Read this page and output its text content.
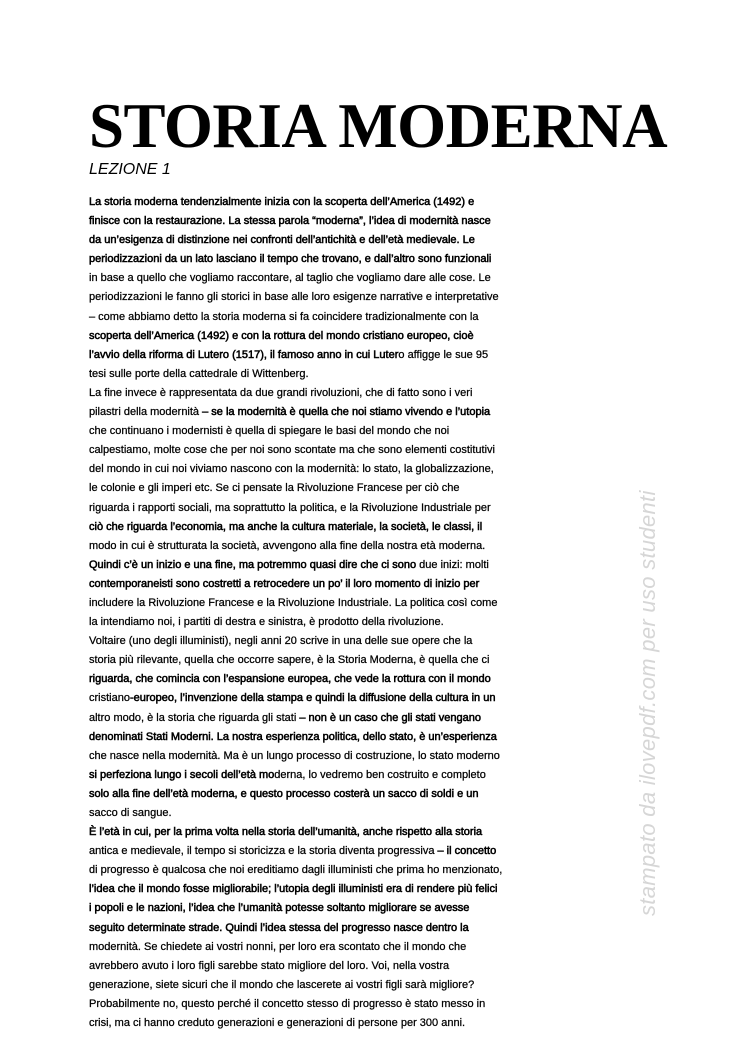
STORIA MODERNA
LEZIONE 1
La storia moderna tendenzialmente inizia con la scoperta dell’America (1492) e
finisce con la restaurazione. La stessa parola “moderna”, l’idea di modernità nasce
da un’esigenza di distinzione nei confronti dell’antichità e dell’età medievale. Le
periodizzazioni da un lato lasciano il tempo che trovano, e dall’altro sono funzionali
in base a quello che vogliamo raccontare, al taglio che vogliamo dare alle cose. Le
periodizzazioni le fanno gli storici in base alle loro esigenze narrative e interpretative
– come abbiamo detto la storia moderna si fa coincidere tradizionalmente con la
scoperta dell’America (1492) e con la rottura del mondo cristiano europeo, cioè
l’avvio della riforma di Lutero (1517), il famoso anno in cui Lutero affigge le sue 95
tesi sulle porte della cattedrale di Wittenberg.
La fine invece è rappresentata da due grandi rivoluzioni, che di fatto sono i veri
pilastri della modernità – se la modernità è quella che noi stiamo vivendo e l’utopia
che continuano i modernisti è quella di spiegare le basi del mondo che noi
calpestiamo, molte cose che per noi sono scontate ma che sono elementi costitutivi
del mondo in cui noi viviamo nascono con la modernità: lo stato, la globalizzazione,
le colonie e gli imperi etc. Se ci pensate la Rivoluzione Francese per ciò che
riguarda i rapporti sociali, ma soprattutto la politica, e la Rivoluzione Industriale per
ciò che riguarda l’economia, ma anche la cultura materiale, la società, le classi, il
modo in cui è strutturata la società, avvengono alla fine della nostra età moderna.
Quindi c’è un inizio e una fine, ma potremmo quasi dire che ci sono due inizi: molti
contemporaneisti sono costretti a retrocedere un po’ il loro momento di inizio per
includere la Rivoluzione Francese e la Rivoluzione Industriale. La politica così come
la intendiamo noi, i partiti di destra e sinistra, è prodotto della rivoluzione.
Voltaire (uno degli illuministi), negli anni 20 scrive in una delle sue opere che la
storia più rilevante, quella che occorre sapere, è la Storia Moderna, è quella che ci
riguarda, che comincia con l’espansione europea, che vede la rottura con il mondo
cristiano-europeo, l’invenzione della stampa e quindi la diffusione della cultura in un
altro modo, è la storia che riguarda gli stati – non è un caso che gli stati vengano
denominati Stati Moderni. La nostra esperienza politica, dello stato, è un’esperienza
che nasce nella modernità. Ma è un lungo processo di costruzione, lo stato moderno
si perfeziona lungo i secoli dell’età moderna, lo vedremo ben costruito e completo
solo alla fine dell’età moderna, e questo processo costerà un sacco di soldi e un
sacco di sangue.
È l’età in cui, per la prima volta nella storia dell’umanità, anche rispetto alla storia
antica e medievale, il tempo si storicizza e la storia diventa progressiva – il concetto
di progresso è qualcosa che noi ereditiamo dagli illuministi che prima ho menzionato,
l’idea che il mondo fosse migliorabile; l’utopia degli illuministi era di rendere più felici
i popoli e le nazioni, l’idea che l’umanità potesse soltanto migliorare se avesse
seguito determinate strade. Quindi l’idea stessa del progresso nasce dentro la
modernità. Se chiedete ai vostri nonni, per loro era scontato che il mondo che
avrebbero avuto i loro figli sarebbe stato migliore del loro. Voi, nella vostra
generazione, siete sicuri che il mondo che lascerete ai vostri figli sarà migliore?
Probabilmente no, questo perché il concetto stesso di progresso è stato messo in
crisi, ma ci hanno creduto generazioni e generazioni di persone per 300 anni.
stampato da ilovepdf.com per uso studenti
